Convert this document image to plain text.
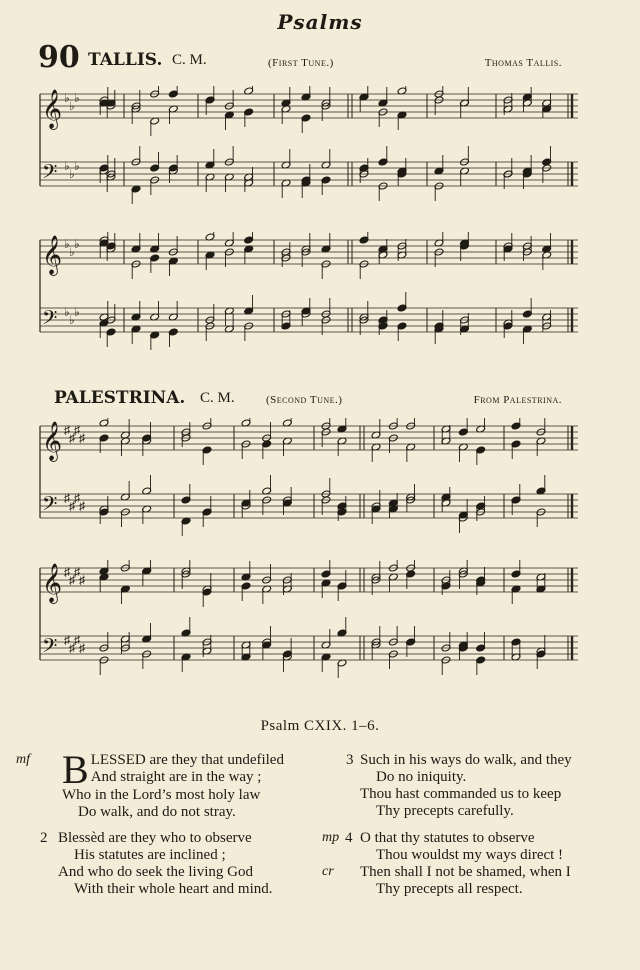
Psalms
90 TALLIS. C. M.	(First Tune.)	Thomas Tallis.
𝄞 ♭
♭
♭
𝄢 ♭
♭
♭
𝄞 ♭
♭
♭
𝄢 ♭
♭
♭
PALESTRINA. C. M.	(Second Tune.)	From Palestrina.
𝄞 ♯
♯
♯
♯
𝄢 ♯
♯
♯
♯
𝄞 ♯
♯
♯
♯
𝄢 ♯
♯
♯
♯
Psalm CXIX. 1–6.
mf BLESSED are they that undefiled
And straight are in the way ;
Who in the Lord’s most holy law
Do walk, and do not stray.
2 Blessèd are they who to observe
His statutes are inclined ;
And who do seek the living God
With their whole heart and mind.
3 Such in his ways do walk, and they
Do no iniquity.
Thou hast commanded us to keep
Thy precepts carefully.
mp 4
cr
O that thy statutes to observe
Thou wouldst my ways direct !
Then shall I not be shamed, when I
Thy precepts all respect.
